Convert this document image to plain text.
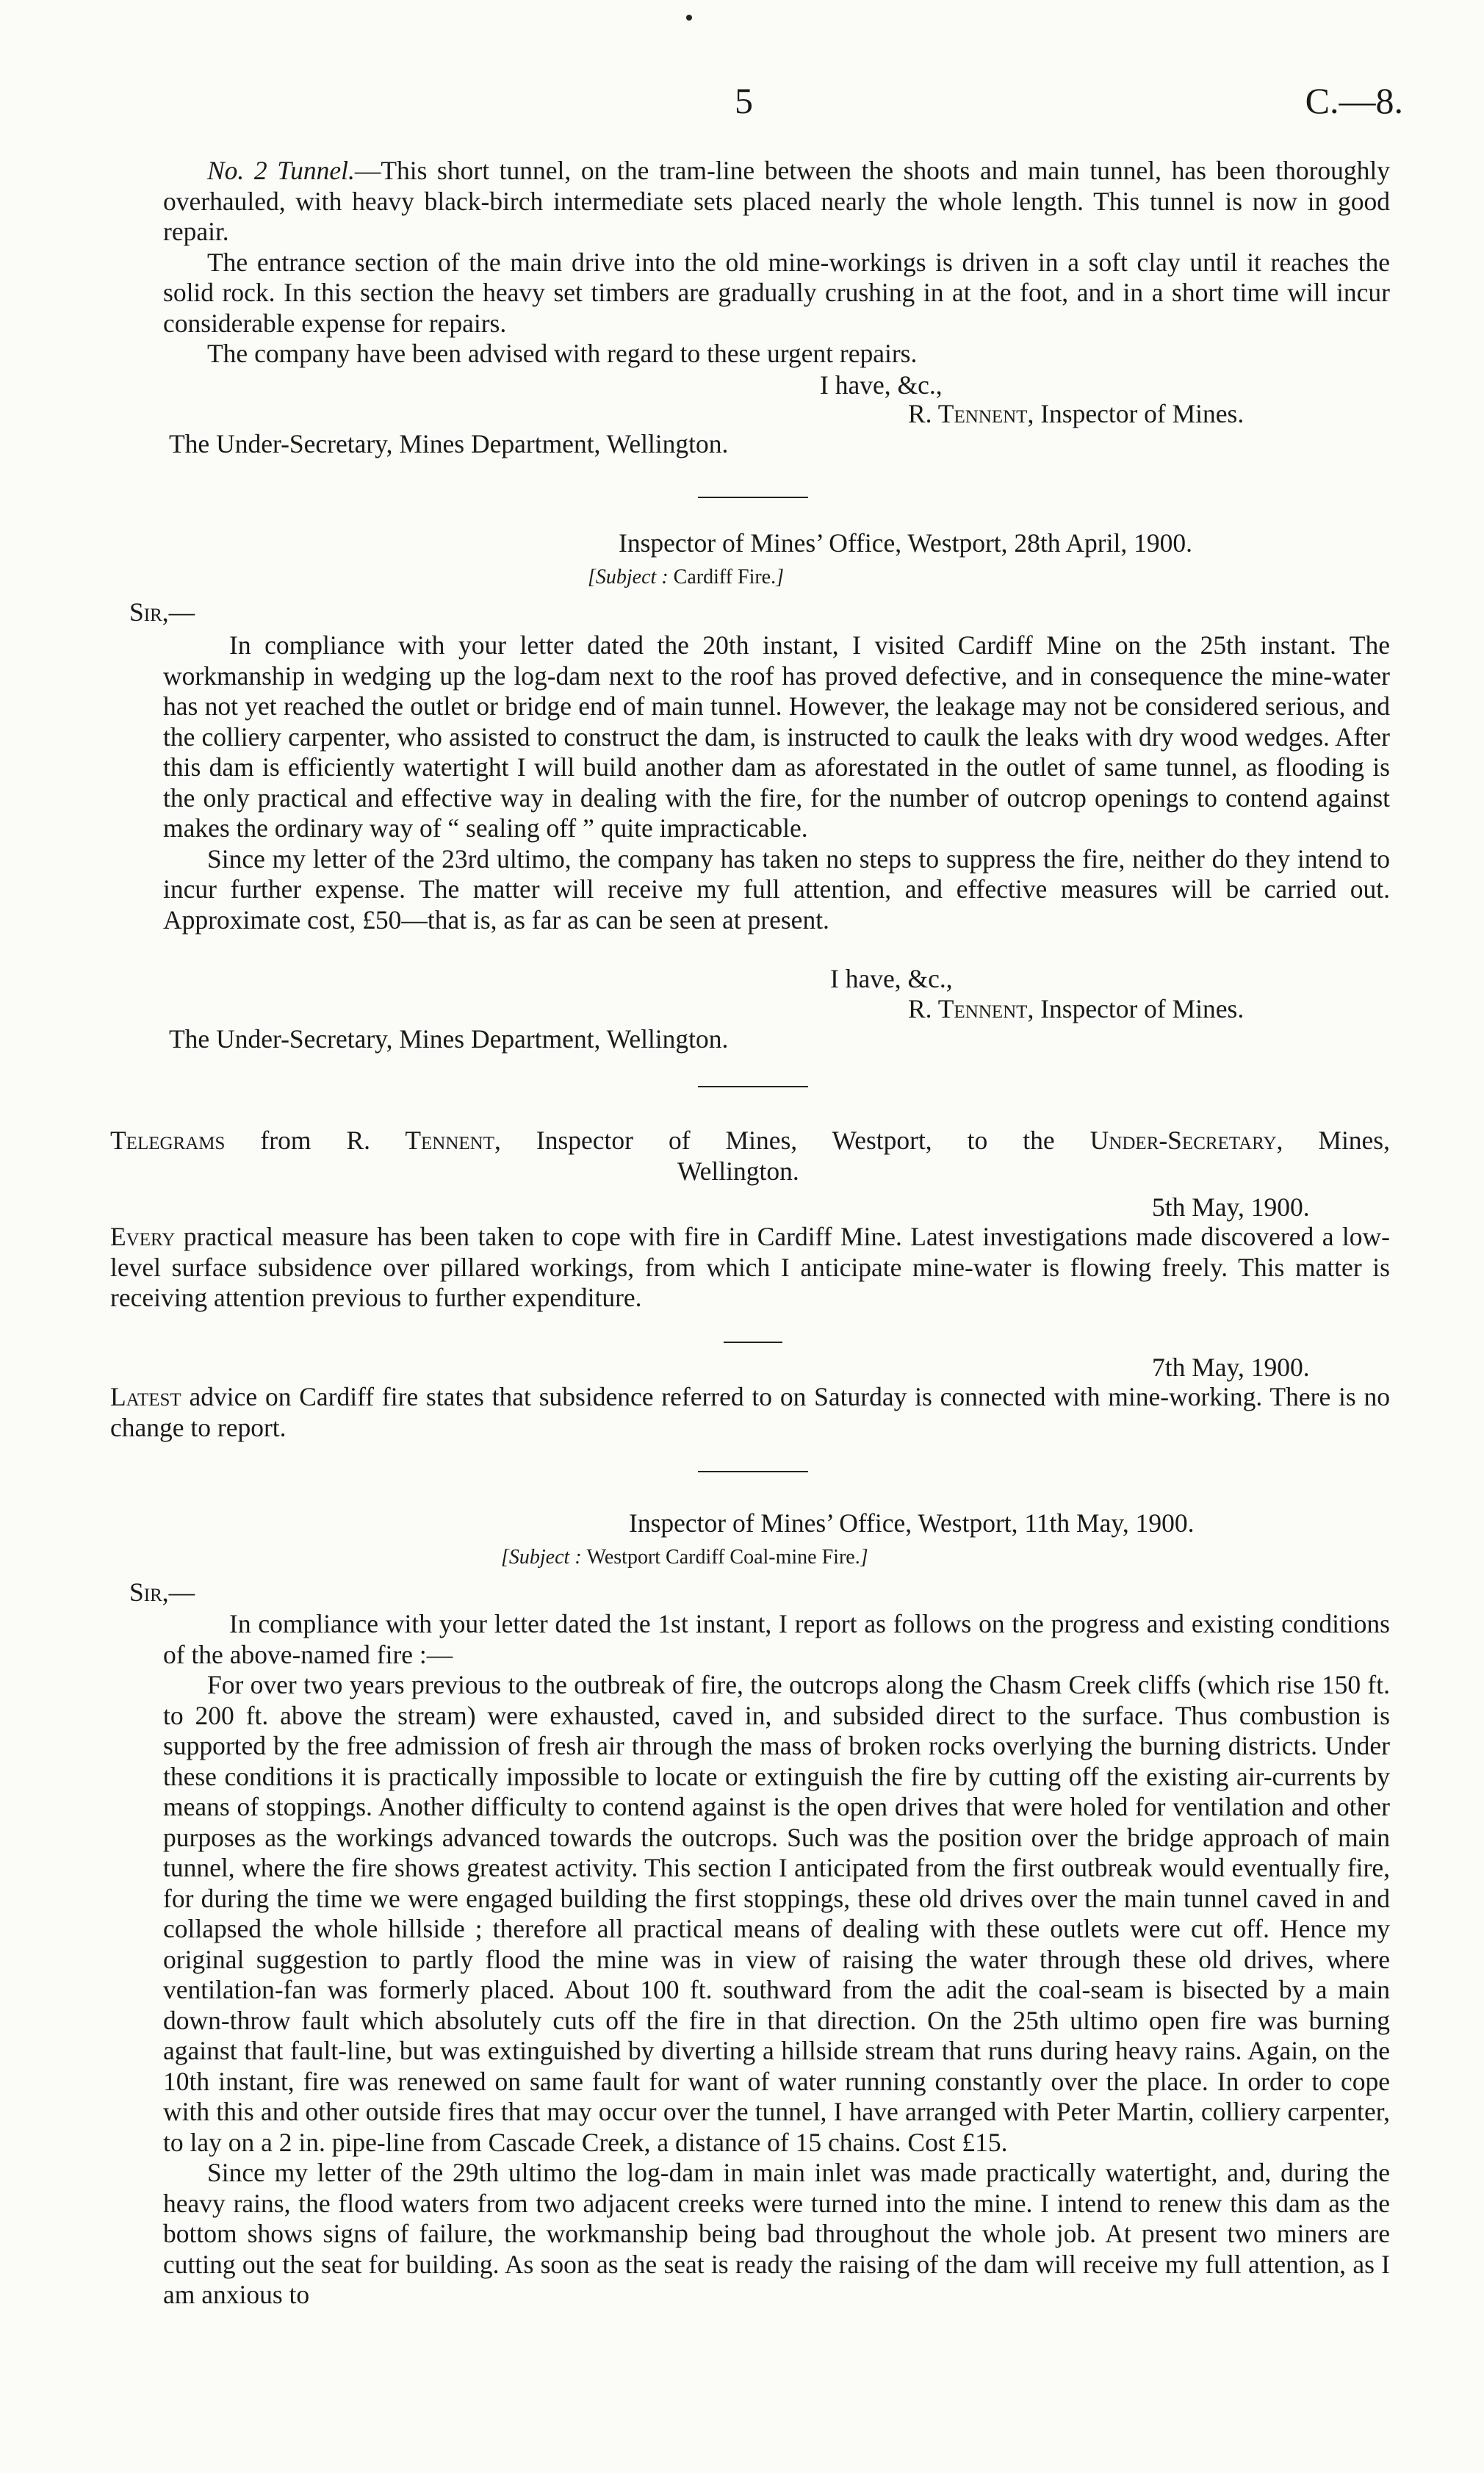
5	C.—8.

No. 2 Tunnel.—This short tunnel, on the tram-line between the shoots and main tunnel, has been thoroughly overhauled, with heavy black-birch intermediate sets placed nearly the whole length. This tunnel is now in good repair.

The entrance section of the main drive into the old mine-workings is driven in a soft clay until it reaches the solid rock. In this section the heavy set timbers are gradually crushing in at the foot, and in a short time will incur considerable expense for repairs.

The company have been advised with regard to these urgent repairs.

I have, &c.,
R. Tennent, Inspector of Mines.
The Under-Secretary, Mines Department, Wellington.
Inspector of Mines’ Office, Westport, 28th April, 1900.
[Subject : Cardiff Fire.]
Sir,—

In compliance with your letter dated the 20th instant, I visited Cardiff Mine on the 25th instant. The workmanship in wedging up the log-dam next to the roof has proved defective, and in consequence the mine-water has not yet reached the outlet or bridge end of main tunnel. However, the leakage may not be considered serious, and the colliery carpenter, who assisted to construct the dam, is instructed to caulk the leaks with dry wood wedges. After this dam is efficiently watertight I will build another dam as aforestated in the outlet of same tunnel, as flooding is the only practical and effective way in dealing with the fire, for the number of outcrop openings to contend against makes the ordinary way of “ sealing off ” quite impracticable.

Since my letter of the 23rd ultimo, the company has taken no steps to suppress the fire, neither do they intend to incur further expense. The matter will receive my full attention, and effective measures will be carried out. Approximate cost, £50—that is, as far as can be seen at present.

I have, &c.,
R. Tennent, Inspector of Mines.
The Under-Secretary, Mines Department, Wellington.

Telegrams from R. Tennent, Inspector of Mines, Westport, to the Under-Secretary, Mines,

Wellington.
5th May, 1900.

Every practical measure has been taken to cope with fire in Cardiff Mine. Latest investigations made discovered a low-level surface subsidence over pillared workings, from which I anticipate mine-water is flowing freely. This matter is receiving attention previous to further expenditure.

7th May, 1900.

Latest advice on Cardiff fire states that subsidence referred to on Saturday is connected with mine-working. There is no change to report.

Inspector of Mines’ Office, Westport, 11th May, 1900.
[Subject : Westport Cardiff Coal-mine Fire.]
Sir,—

In compliance with your letter dated the 1st instant, I report as follows on the progress and existing conditions of the above-named fire :—

For over two years previous to the outbreak of fire, the outcrops along the Chasm Creek cliffs (which rise 150 ft. to 200 ft. above the stream) were exhausted, caved in, and subsided direct to the surface. Thus combustion is supported by the free admission of fresh air through the mass of broken rocks overlying the burning districts. Under these conditions it is practically impossible to locate or extinguish the fire by cutting off the existing air-currents by means of stoppings. Another difficulty to contend against is the open drives that were holed for ventilation and other purposes as the workings advanced towards the outcrops. Such was the position over the bridge approach of main tunnel, where the fire shows greatest activity. This section I anticipated from the first outbreak would eventually fire, for during the time we were engaged building the first stoppings, these old drives over the main tunnel caved in and collapsed the whole hillside ; therefore all practical means of dealing with these outlets were cut off. Hence my original suggestion to partly flood the mine was in view of raising the water through these old drives, where ventilation-fan was formerly placed. About 100 ft. southward from the adit the coal-seam is bisected by a main down-throw fault which absolutely cuts off the fire in that direction. On the 25th ultimo open fire was burning against that fault-line, but was extinguished by diverting a hillside stream that runs during heavy rains. Again, on the 10th instant, fire was renewed on same fault for want of water running constantly over the place. In order to cope with this and other outside fires that may occur over the tunnel, I have arranged with Peter Martin, colliery carpenter, to lay on a 2 in. pipe-line from Cascade Creek, a distance of 15 chains. Cost £15.

Since my letter of the 29th ultimo the log-dam in main inlet was made practically watertight, and, during the heavy rains, the flood waters from two adjacent creeks were turned into the mine. I intend to renew this dam as the bottom shows signs of failure, the workmanship being bad throughout the whole job. At present two miners are cutting out the seat for building. As soon as the seat is ready the raising of the dam will receive my full attention, as I am anxious to
